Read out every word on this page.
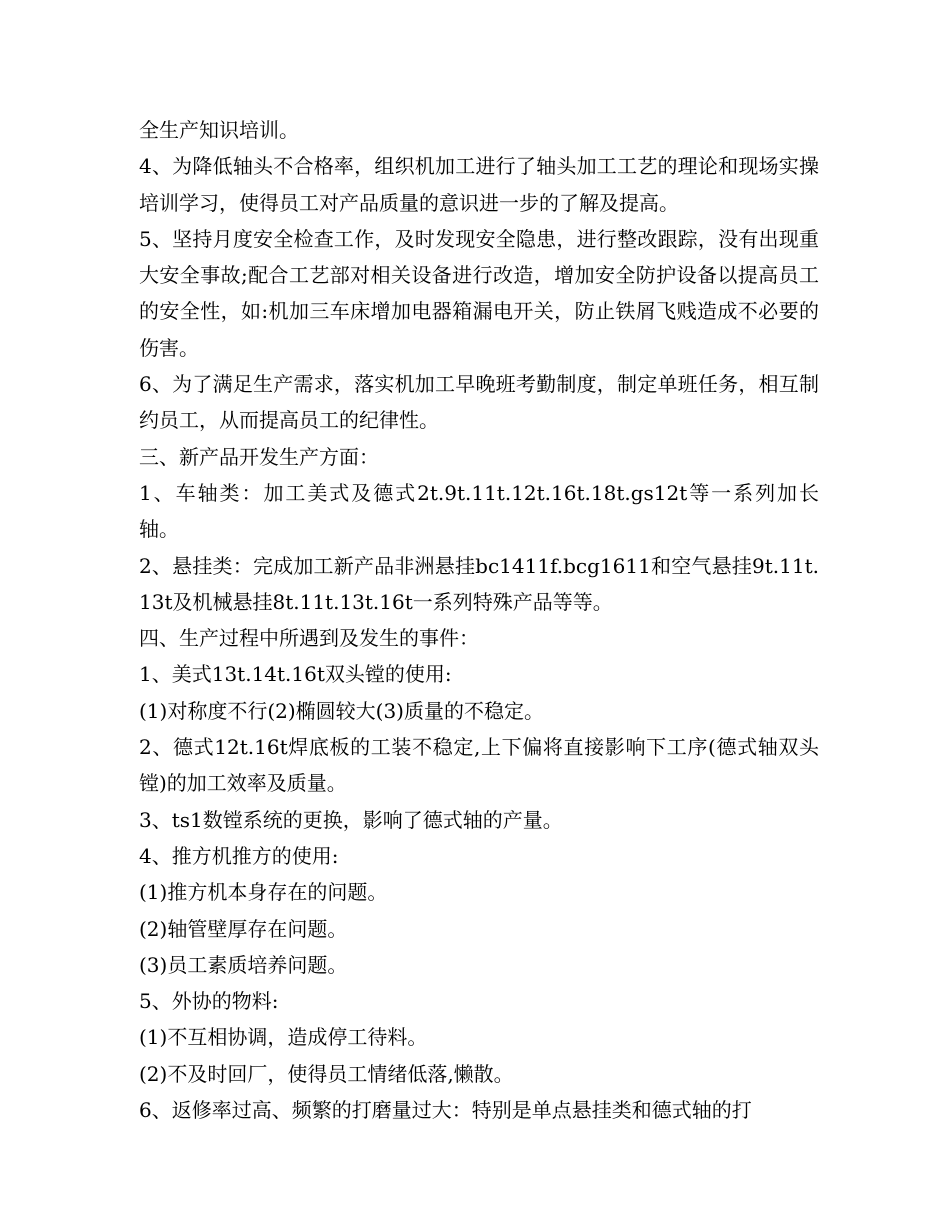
全生产知识培训。

4、为降低轴头不合格率，组织机加工进行了轴头加工工艺的理论和现场实操培训学习，使得员工对产品质量的意识进一步的了解及提高。

5、坚持月度安全检查工作，及时发现安全隐患，进行整改跟踪，没有出现重大安全事故;配合工艺部对相关设备进行改造，增加安全防护设备以提高员工的安全性，如:机加三车床增加电器箱漏电开关，防止铁屑飞贱造成不必要的伤害。

6、为了满足生产需求，落实机加工早晚班考勤制度，制定单班任务，相互制约员工，从而提高员工的纪律性。

三、新产品开发生产方面：

1、车轴类：加工美式及德式2t.9t.11t.12t.16t.18t.gs12t等一系列加长轴。

2、悬挂类：完成加工新产品非洲悬挂bc1411f.bcg1611和空气悬挂9t.11t.13t及机械悬挂8t.11t.13t.16t一系列特殊产品等等。

四、生产过程中所遇到及发生的事件：

1、美式13t.14t.16t双头镗的使用:

(1)对称度不行(2)椭圆较大(3)质量的不稳定。

2、德式12t.16t焊底板的工装不稳定,上下偏将直接影响下工序(德式轴双头镗)的加工效率及质量。

3、ts1数镗系统的更换，影响了德式轴的产量。

4、推方机推方的使用:

(1)推方机本身存在的问题。

(2)轴管壁厚存在问题。

(3)员工素质培养问题。

5、外协的物料:

(1)不互相协调，造成停工待料。

(2)不及时回厂，使得员工情绪低落,懒散。

6、返修率过高、频繁的打磨量过大：特别是单点悬挂类和德式轴的打
